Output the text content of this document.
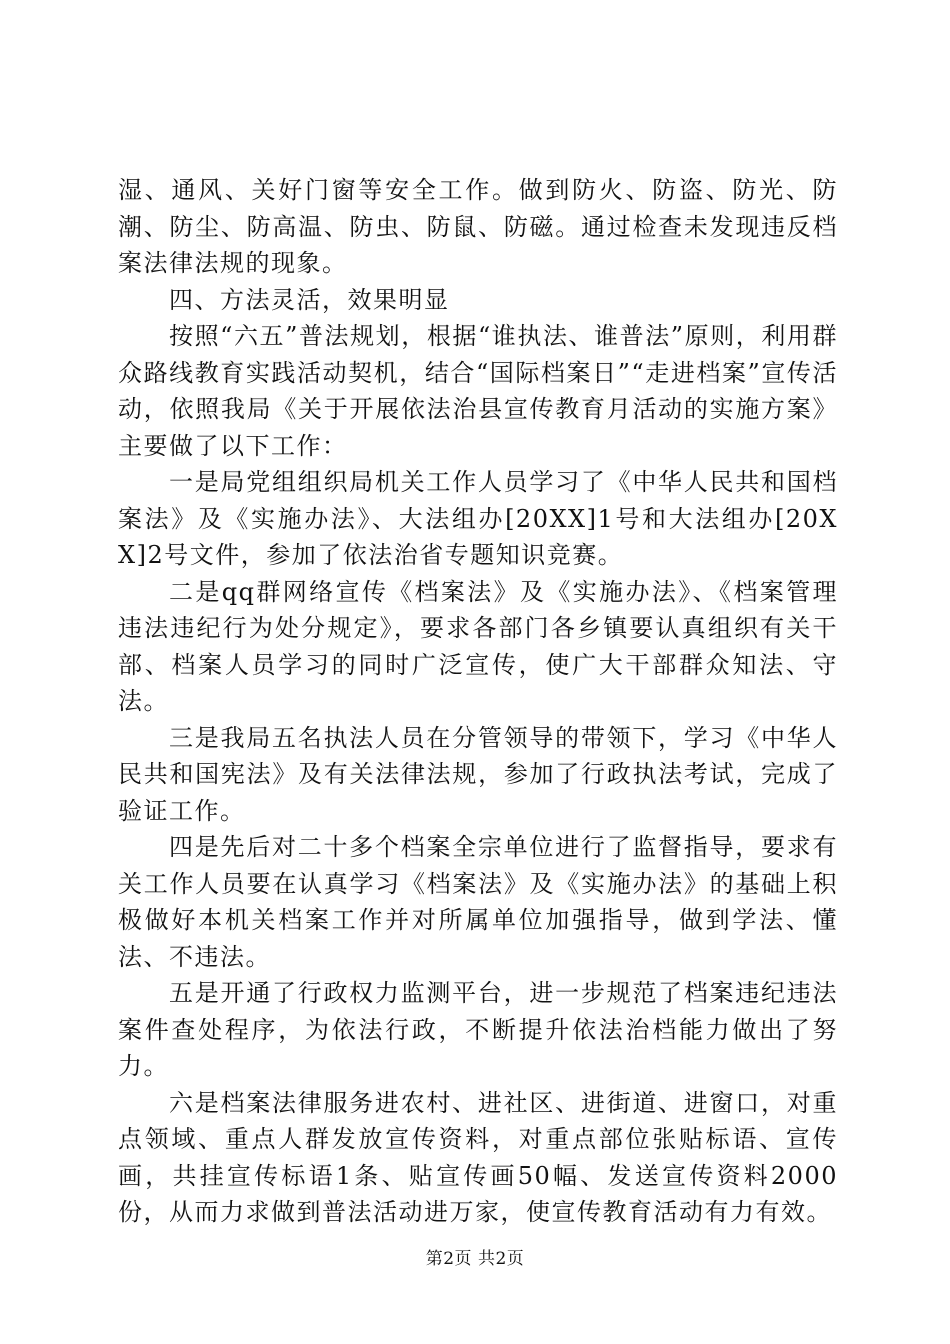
湿、通风、关好门窗等安全工作。做到防火、防盗、防光、防潮、防尘、防高温、防虫、防鼠、防磁。通过检查未发现违反档案法律法规的现象。

四、方法灵活，效果明显

按照“六五”普法规划，根据“谁执法、谁普法”原则，利用群众路线教育实践活动契机，结合“国际档案日”“走进档案”宣传活动，依照我局《关于开展依法治县宣传教育月活动的实施方案》主要做了以下工作：

一是局党组组织局机关工作人员学习了《中华人民共和国档案法》及《实施办法》、大法组办[20XX]1号和大法组办[20XX]2号文件，参加了依法治省专题知识竞赛。

二是qq群网络宣传《档案法》及《实施办法》、《档案管理违法违纪行为处分规定》，要求各部门各乡镇要认真组织有关干部、档案人员学习的同时广泛宣传，使广大干部群众知法、守法。

三是我局五名执法人员在分管领导的带领下，学习《中华人民共和国宪法》及有关法律法规，参加了行政执法考试，完成了验证工作。

四是先后对二十多个档案全宗单位进行了监督指导，要求有关工作人员要在认真学习《档案法》及《实施办法》的基础上积极做好本机关档案工作并对所属单位加强指导，做到学法、懂法、不违法。

五是开通了行政权力监测平台，进一步规范了档案违纪违法案件查处程序，为依法行政，不断提升依法治档能力做出了努力。

六是档案法律服务进农村、进社区、进街道、进窗口，对重点领域、重点人群发放宣传资料，对重点部位张贴标语、宣传画，共挂宣传标语1条、贴宣传画50幅、发送宣传资料2000份，从而力求做到普法活动进万家，使宣传教育活动有力有效。

第2页 共2页
